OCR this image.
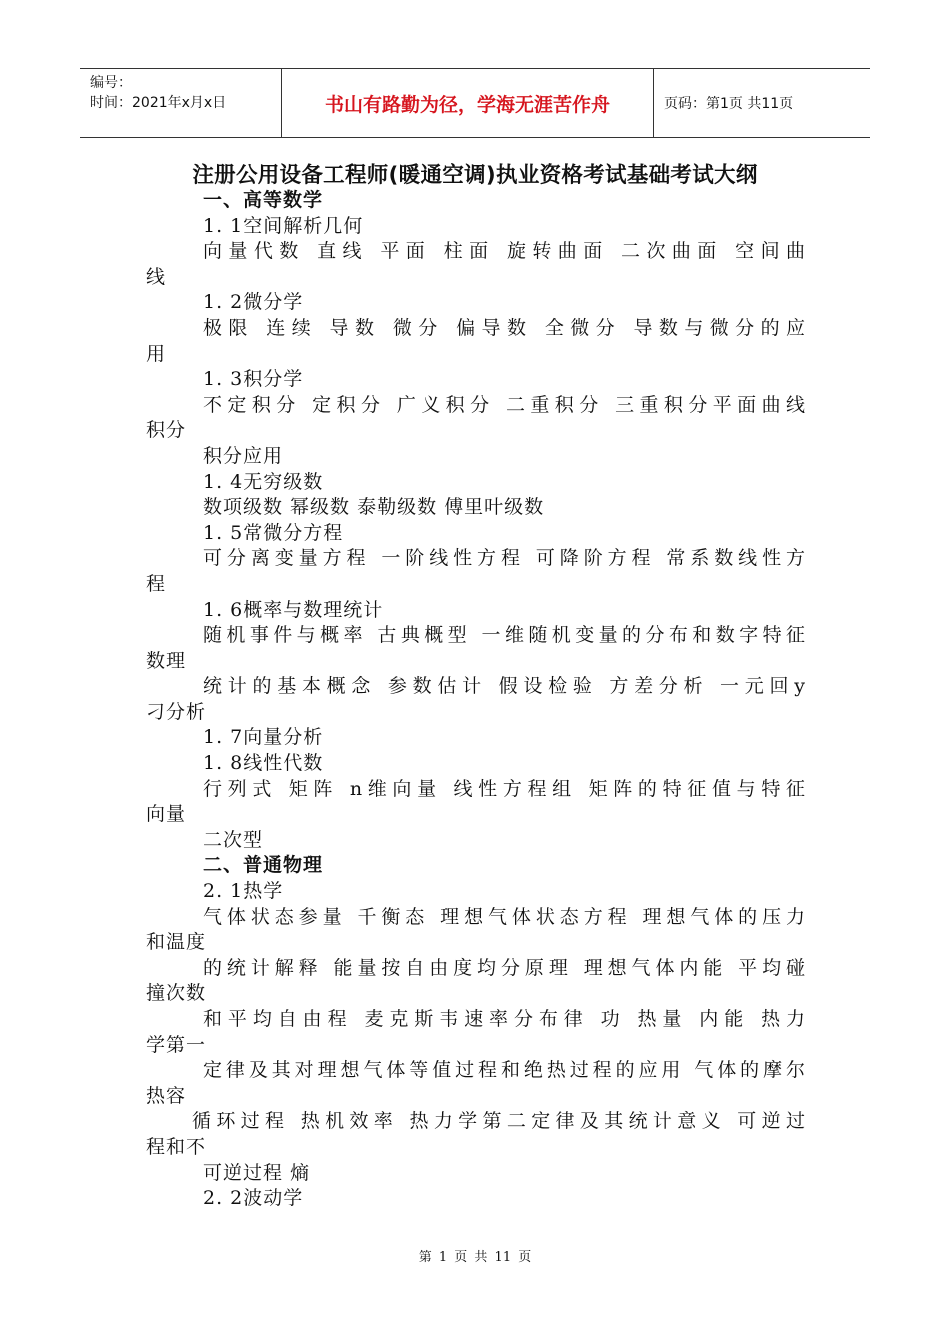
编号：
时间：2021年x月x日	书山有路勤为径，学海无涯苦作舟	页码：第1页 共11页
注册公用设备工程师(暖通空调)执业资格考试基础考试大纲
一、高等数学
1. 1空间解析几何
向量代数 直线 平面 柱面 旋转曲面 二次曲面 空间曲
线
1. 2微分学
极限 连续 导数 微分 偏导数 全微分 导数与微分的应
用
1. 3积分学
不定积分 定积分 广义积分 二重积分 三重积分平面曲线
积分
积分应用
1. 4无穷级数
数项级数 幂级数 泰勒级数 傅里叶级数
1. 5常微分方程
可分离变量方程 一阶线性方程 可降阶方程 常系数线性方
程
1. 6概率与数理统计
随机事件与概率 古典概型 一维随机变量的分布和数字特征
数理
统计的基本概念 参数估计 假设检验 方差分析 一元回y
刁分析
1. 7向量分析
1. 8线性代数
行列式 矩阵 n维向量 线性方程组 矩阵的特征值与特征
向量
二次型
二、普通物理
2. 1热学
气体状态参量 千衡态 理想气体状态方程 理想气体的压力
和温度
的统计解释 能量按自由度均分原理 理想气体内能 平均碰
撞次数
和平均自由程 麦克斯韦速率分布律 功 热量 内能 热力
学第一
定律及其对理想气体等值过程和绝热过程的应用 气体的摩尔
热容
循环过程 热机效率 热力学第二定律及其统计意义 可逆过
程和不
可逆过程 熵
2. 2波动学
第 1 页 共 11 页
